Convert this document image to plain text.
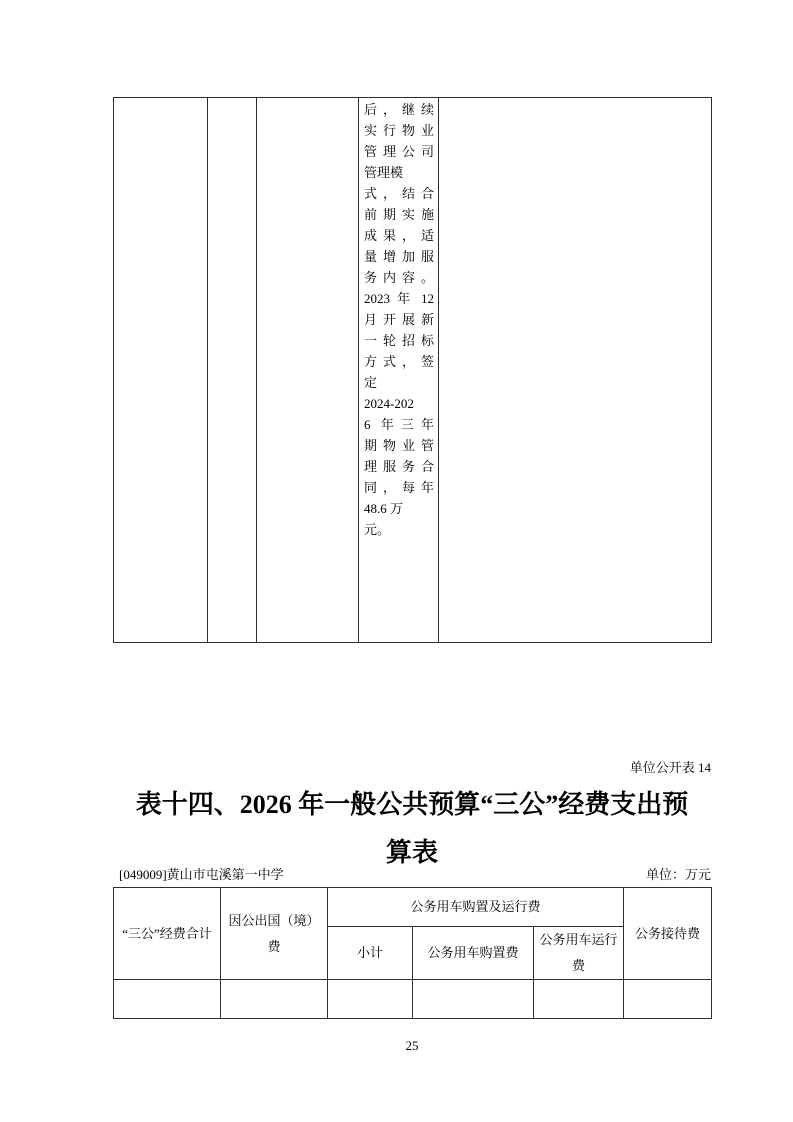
后，继续
实行物业
管理公司
管理模
式，结合
前期实施
成果，适
量增加服
务内容。
2023 年 12
月开展新
一轮招标
方式，签
定
2024-202
6 年三年
期物业管
理服务合
同，每年
48.6 万
元。

单位公开表 14
表十四、2026 年一般公共预算“三公”经费支出预
算表
[049009]黄山市屯溪第一中学	单位：万元
“三公”经费合计	因公出国（境）费	公务用车购置及运行费			公务接待费
		小计	公务用车购置费	公务用车运行费	

25
